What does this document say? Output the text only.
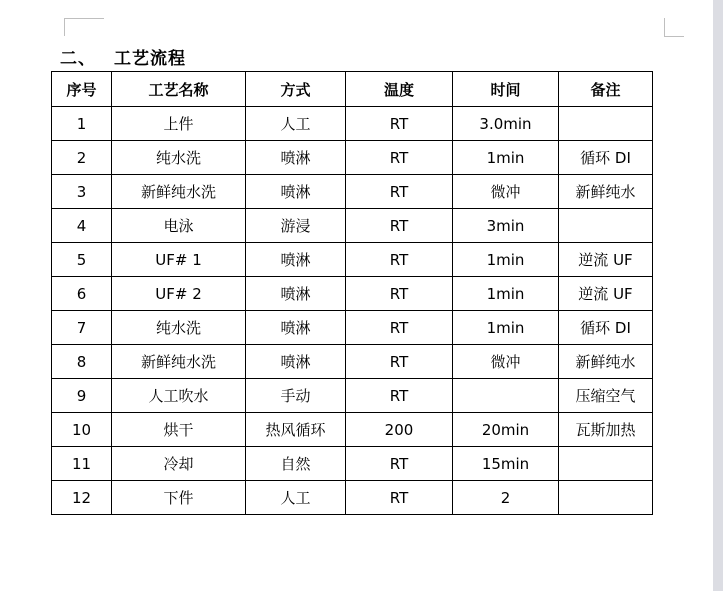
二、 工艺流程
序号	工艺名称	方式	温度	时间	备注
1	上件	人工	RT	3.0min	
2	纯水洗	喷淋	RT	1min	循环 DI
3	新鲜纯水洗	喷淋	RT	微冲	新鲜纯水
4	电泳	游浸	RT	3min	
5	UF# 1	喷淋	RT	1min	逆流 UF
6	UF# 2	喷淋	RT	1min	逆流 UF
7	纯水洗	喷淋	RT	1min	循环 DI
8	新鲜纯水洗	喷淋	RT	微冲	新鲜纯水
9	人工吹水	手动	RT		压缩空气
10	烘干	热风循环	200	20min	瓦斯加热
11	冷却	自然	RT	15min	
12	下件	人工	RT	2	
